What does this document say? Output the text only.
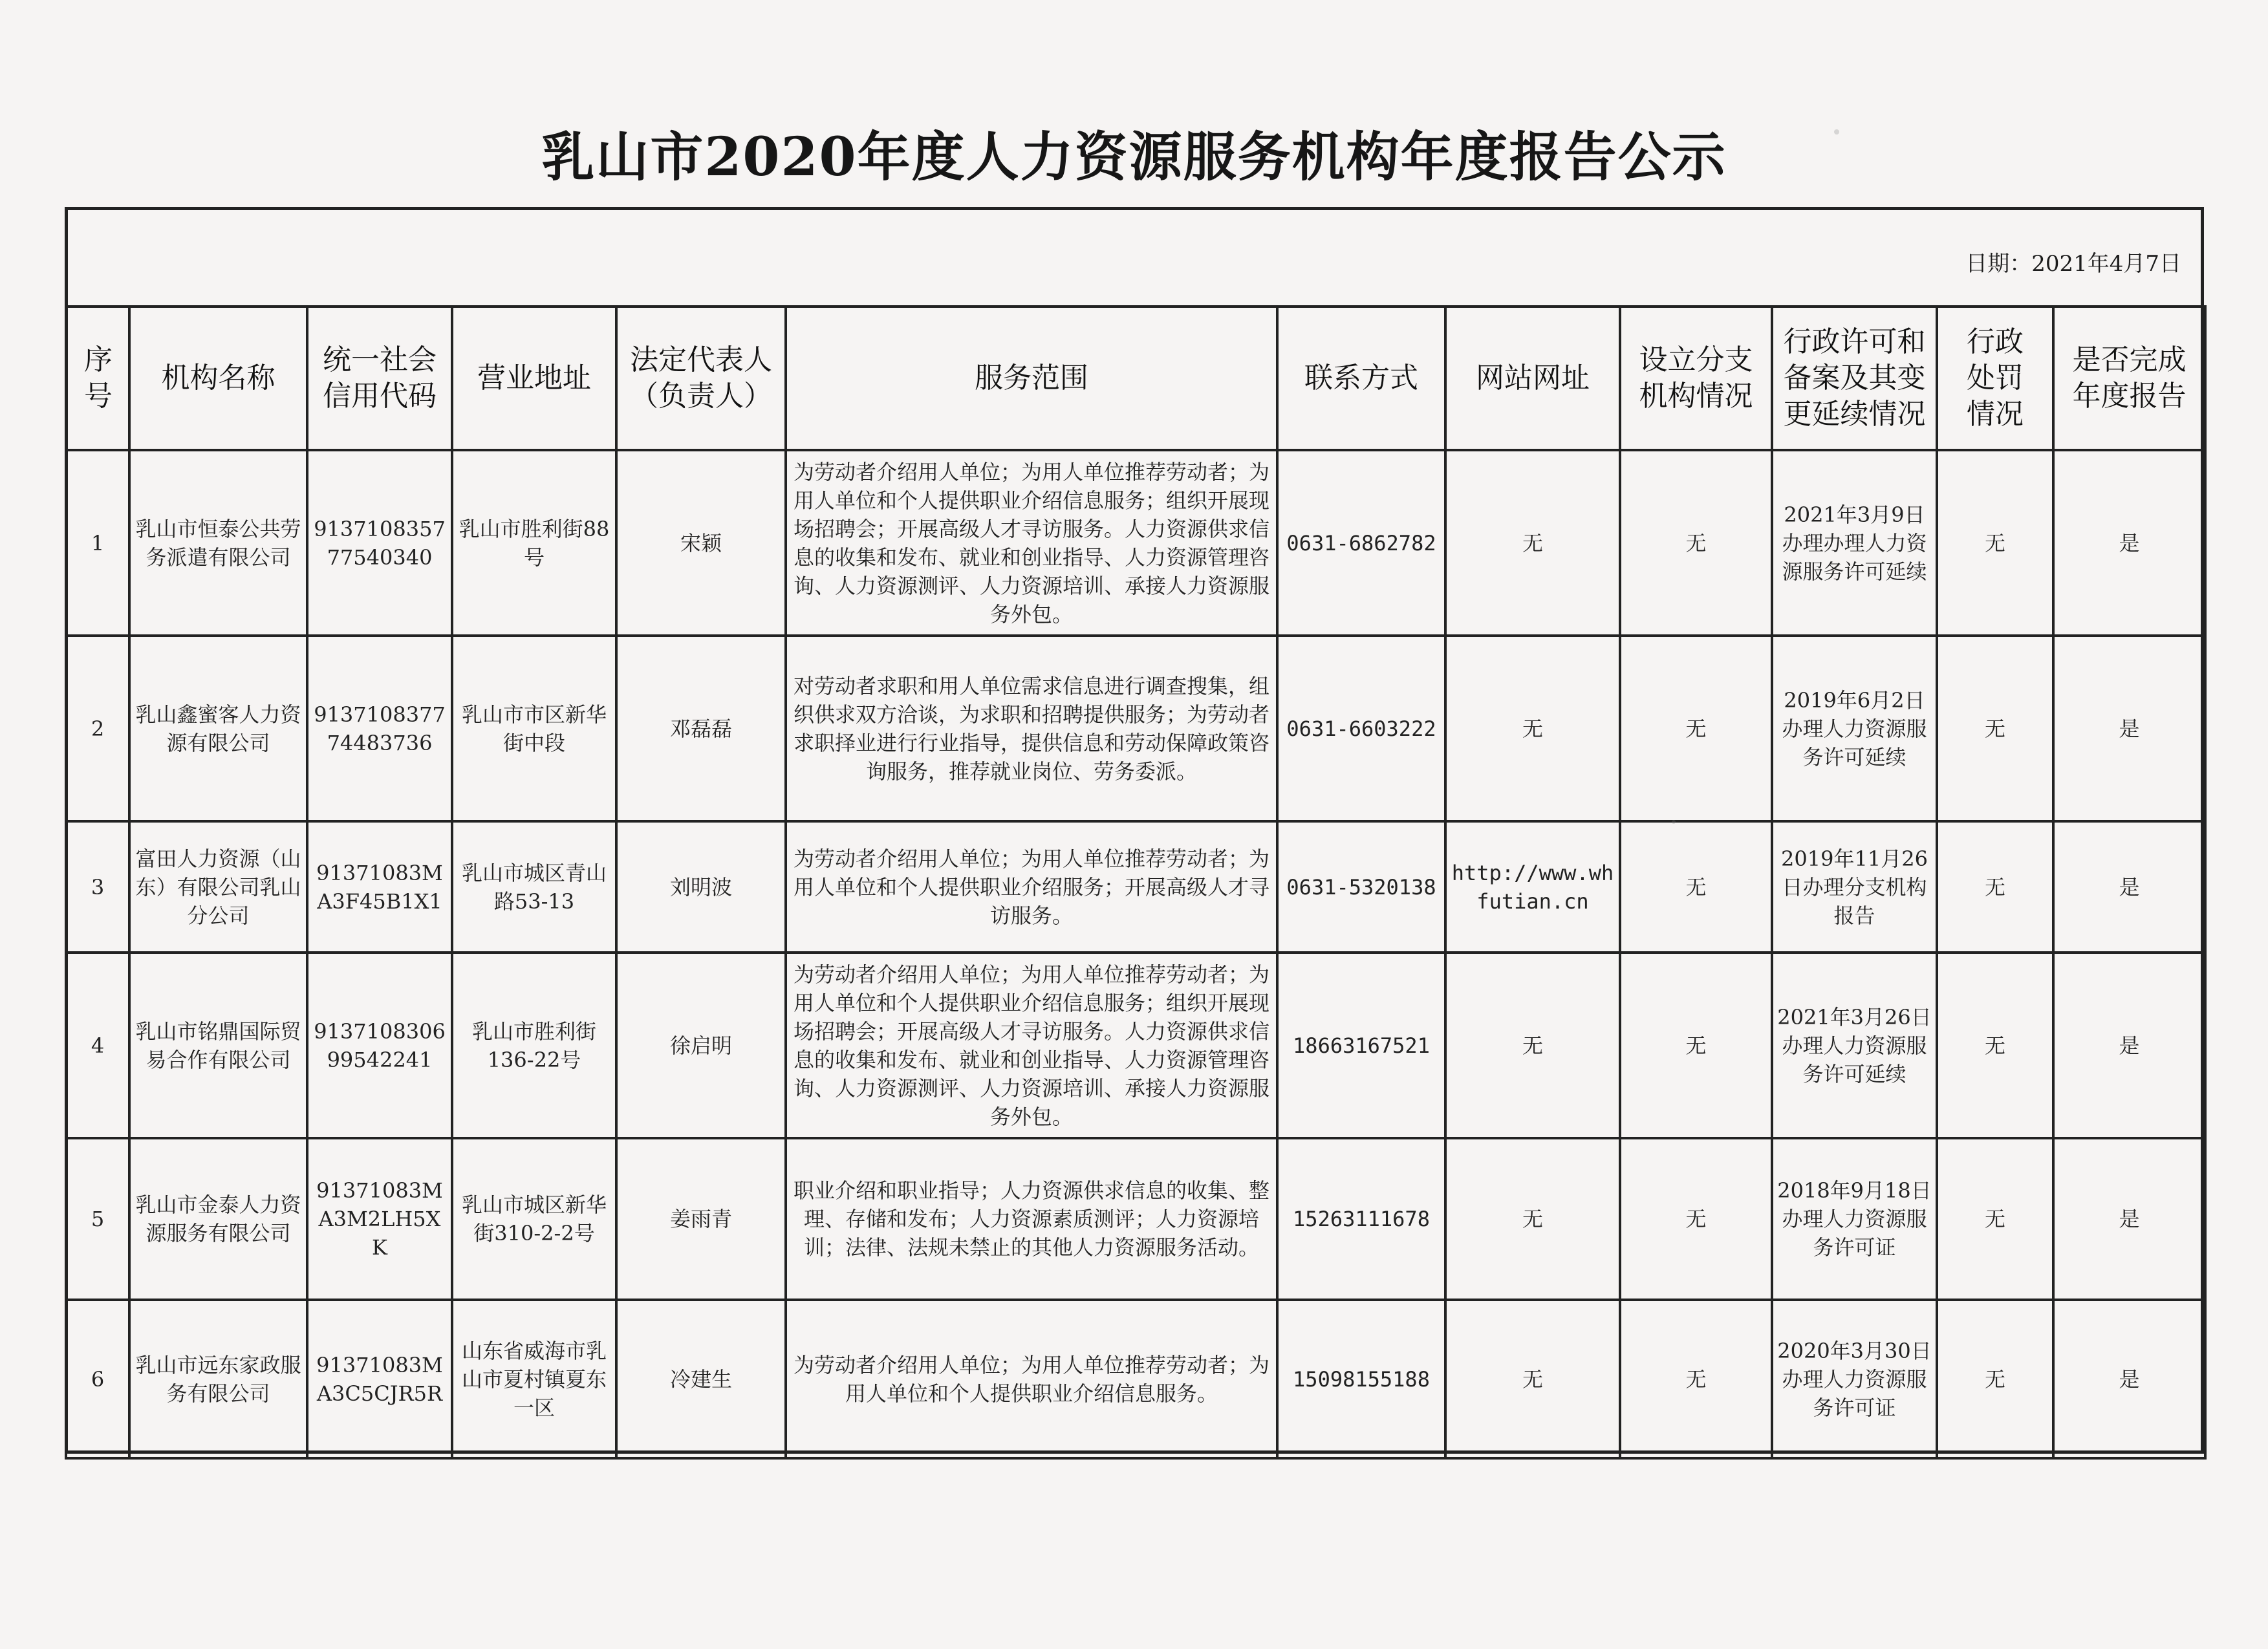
乳山市2020年度人力资源服务机构年度报告公示
日期：2021年4月7日
序号	机构名称	统一社会信用代码	营业地址	法定代表人（负责人）	服务范围	联系方式	网站网址	设立分支机构情况	行政许可和备案及其变更延续情况	行政处罚情况	是否完成年度报告
1	乳山市恒泰公共劳务派遣有限公司	913710835777540340	乳山市胜利街88号	宋颖	为劳动者介绍用人单位；为用人单位推荐劳动者；为用人单位和个人提供职业介绍信息服务；组织开展现场招聘会；开展高级人才寻访服务。人力资源供求信息的收集和发布、就业和创业指导、人力资源管理咨询、人力资源测评、人力资源培训、承接人力资源服务外包。	0631-6862782	无	无	2021年3月9日办理办理人力资源服务许可延续	无	是
2	乳山鑫蜜客人力资源有限公司	913710837774483736	乳山市市区新华街中段	邓磊磊	对劳动者求职和用人单位需求信息进行调查搜集，组织供求双方洽谈，为求职和招聘提供服务；为劳动者求职择业进行行业指导，提供信息和劳动保障政策咨询服务，推荐就业岗位、劳务委派。	0631-6603222	无	无	2019年6月2日办理人力资源服务许可延续	无	是
3	富田人力资源（山东）有限公司乳山分公司	91371083MA3F45B1X1	乳山市城区青山路53-13	刘明波	为劳动者介绍用人单位；为用人单位推荐劳动者；为用人单位和个人提供职业介绍服务；开展高级人才寻访服务。	0631-5320138	http://www.whfutian.cn	无	2019年11月26日办理分支机构报告	无	是
4	乳山市铭鼎国际贸易合作有限公司	913710830699542241	乳山市胜利街136-22号	徐启明	为劳动者介绍用人单位；为用人单位推荐劳动者；为用人单位和个人提供职业介绍信息服务；组织开展现场招聘会；开展高级人才寻访服务。人力资源供求信息的收集和发布、就业和创业指导、人力资源管理咨询、人力资源测评、人力资源培训、承接人力资源服务外包。	18663167521	无	无	2021年3月26日办理人力资源服务许可延续	无	是
5	乳山市金泰人力资源服务有限公司	91371083MA3M2LH5XK	乳山市城区新华街310-2-2号	姜雨青	职业介绍和职业指导；人力资源供求信息的收集、整理、存储和发布；人力资源素质测评；人力资源培训；法律、法规未禁止的其他人力资源服务活动。	15263111678	无	无	2018年9月18日办理人力资源服务许可证	无	是
6	乳山市远东家政服务有限公司	91371083MA3C5CJR5R	山东省威海市乳山市夏村镇夏东一区	冷建生	为劳动者介绍用人单位；为用人单位推荐劳动者；为用人单位和个人提供职业介绍信息服务。	15098155188	无	无	2020年3月30日办理人力资源服务许可证	无	是
